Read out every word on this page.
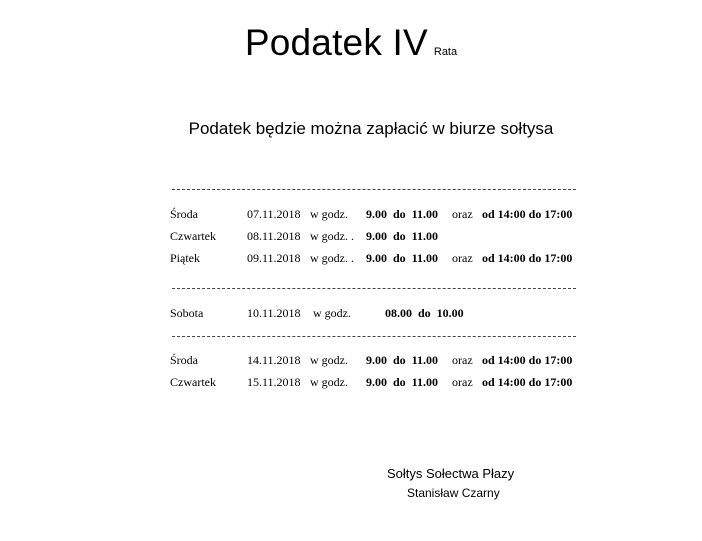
Podatek IV Rata
Podatek będzie można zapłacić w biurze sołtysa
Środa	07.11.2018 w godz. 9.00  do  11.00 oraz od 14:00 do 17:00
Czwartek	08.11.2018 w godz. . 9.00  do  11.00
Piątek	09.11.2018 w godz. . 9.00  do  11.00 oraz od 14:00 do 17:00
Sobota	10.11.2018 w godz.	08.00  do  10.00
Środa	14.11.2018 w godz. 9.00  do  11.00 oraz od 14:00 do 17:00
Czwartek	15.11.2018 w godz. 9.00  do  11.00 oraz od 14:00 do 17:00
Sołtys Sołectwa Płazy
Stanisław Czarny
